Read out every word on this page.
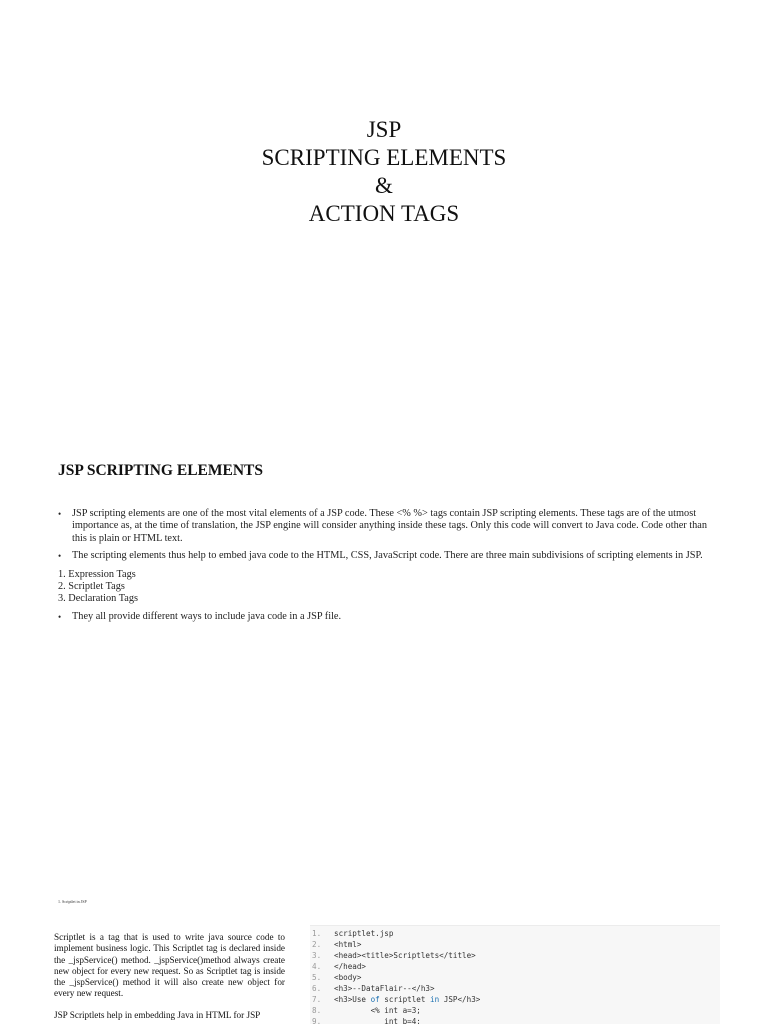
JSP
SCRIPTING ELEMENTS
&
ACTION TAGS
JSP SCRIPTING ELEMENTS
• JSP scripting elements are one of the most vital elements of a JSP code. These <% %> tags contain JSP scripting elements. These tags are of the utmost importance as, at the time of translation, the JSP engine will consider anything inside these tags. Only this code will convert to Java code. Code other than this is plain or HTML text.
• The scripting elements thus help to embed java code to the HTML, CSS, JavaScript code. There are three main subdivisions of scripting elements in JSP.
1. Expression Tags
2. Scriptlet Tags
3. Declaration Tags
• They all provide different ways to include java code in a JSP file.
1. Scriptlet in JSP

Scriptlet is a tag that is used to write java source code to implement business logic. This Scriptlet tag is declared inside the _jspService() method. _jspService()method always create new object for every new request. So as Scriptlet tag is inside the _jspService() method it will also create new object for every new request.

JSP Scriptlets help in embedding Java in HTML for JSP

1.	scriptlet.jsp
2.	<html>
3.	<head><title>Scriptlets</title>
4.	</head>
5.	<body>
6.	<h3>--DataFlair--</h3>
7.	<h3>Use of scriptlet in JSP</h3>
8.	<% int a=3;
9.	int b=4;
